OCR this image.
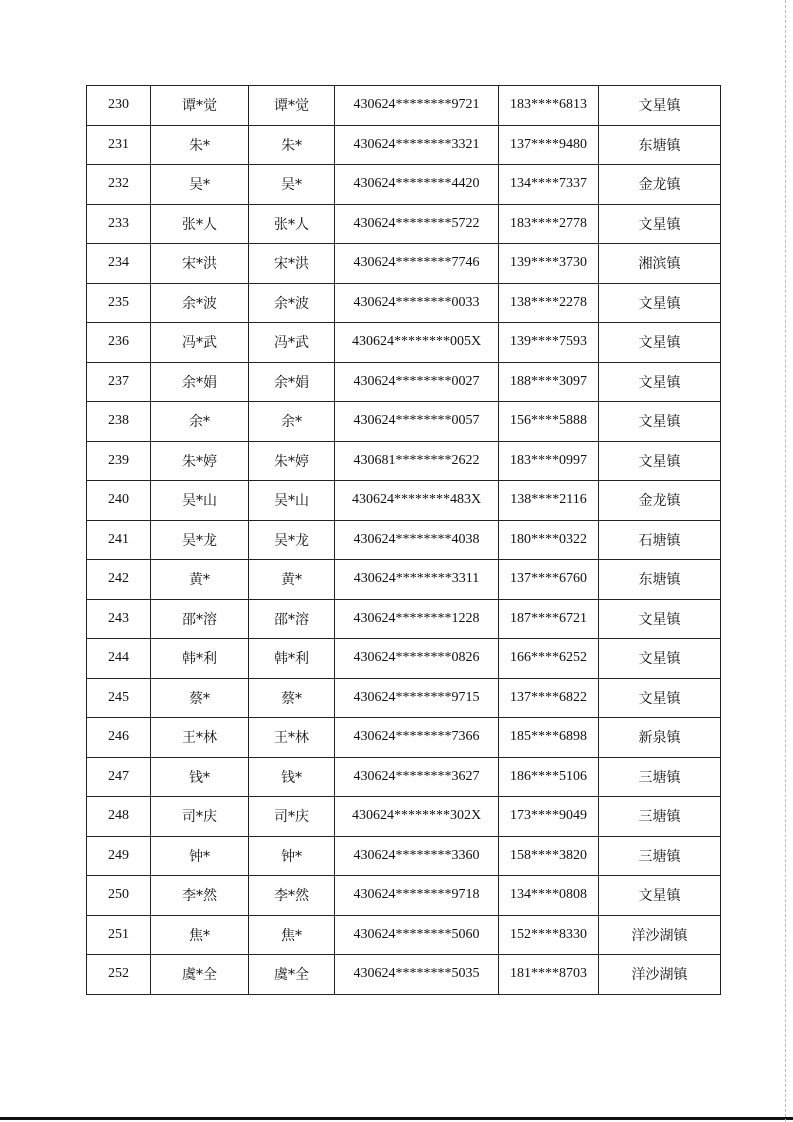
230	谭*觉	谭*觉	430624********9721	183****6813	文星镇
231	朱*	朱*	430624********3321	137****9480	东塘镇
232	吴*	吴*	430624********4420	134****7337	金龙镇
233	张*人	张*人	430624********5722	183****2778	文星镇
234	宋*洪	宋*洪	430624********7746	139****3730	湘滨镇
235	余*波	余*波	430624********0033	138****2278	文星镇
236	冯*武	冯*武	430624********005X	139****7593	文星镇
237	余*娟	余*娟	430624********0027	188****3097	文星镇
238	余*	余*	430624********0057	156****5888	文星镇
239	朱*婷	朱*婷	430681********2622	183****0997	文星镇
240	吴*山	吴*山	430624********483X	138****2116	金龙镇
241	吴*龙	吴*龙	430624********4038	180****0322	石塘镇
242	黄*	黄*	430624********3311	137****6760	东塘镇
243	邵*溶	邵*溶	430624********1228	187****6721	文星镇
244	韩*利	韩*利	430624********0826	166****6252	文星镇
245	蔡*	蔡*	430624********9715	137****6822	文星镇
246	王*林	王*林	430624********7366	185****6898	新泉镇
247	钱*	钱*	430624********3627	186****5106	三塘镇
248	司*庆	司*庆	430624********302X	173****9049	三塘镇
249	钟*	钟*	430624********3360	158****3820	三塘镇
250	李*然	李*然	430624********9718	134****0808	文星镇
251	焦*	焦*	430624********5060	152****8330	洋沙湖镇
252	虞*全	虞*全	430624********5035	181****8703	洋沙湖镇
